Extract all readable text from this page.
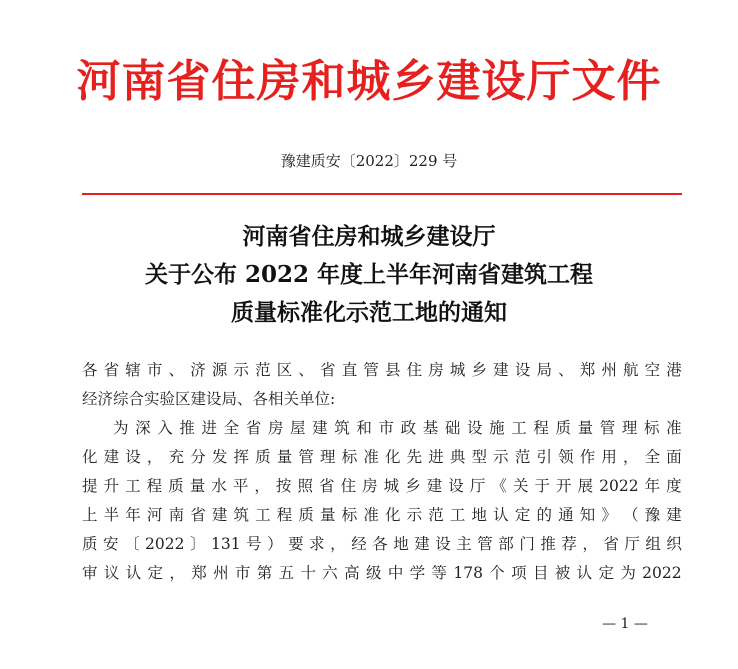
河南省住房和城乡建设厅文件
豫建质安〔2022〕229 号
河南省住房和城乡建设厅
关于公布 2022 年度上半年河南省建筑工程
质量标准化示范工地的通知
各 省 辖 市 、 济 源 示 范 区 、 省 直 管 县 住 房 城 乡 建 设 局 、 郑 州 航 空 港
经济综合实验区建设局、各相关单位:
为 深 入 推 进 全 省 房 屋 建 筑 和 市 政 基 础 设 施 工 程 质 量 管 理 标 准
化 建 设 ， 充 分 发 挥 质 量 管 理 标 准 化 先 进 典 型 示 范 引 领 作 用 ， 全 面
提 升 工 程 质 量 水 平 ， 按 照 省 住 房 城 乡 建 设 厅 《 关 于 开 展 2022 年 度
上 半 年 河 南 省 建 筑 工 程 质 量 标 准 化 示 范 工 地 认 定 的 通 知 》 （ 豫 建
质 安 〔 2022 〕 131 号 ） 要 求 ， 经 各 地 建 设 主 管 部 门 推 荐 ， 省 厅 组 织
审 议 认 定 ， 郑 州 市 第 五 十 六 高 级 中 学 等 178 个 项 目 被 认 定 为 2022
— 1 —
